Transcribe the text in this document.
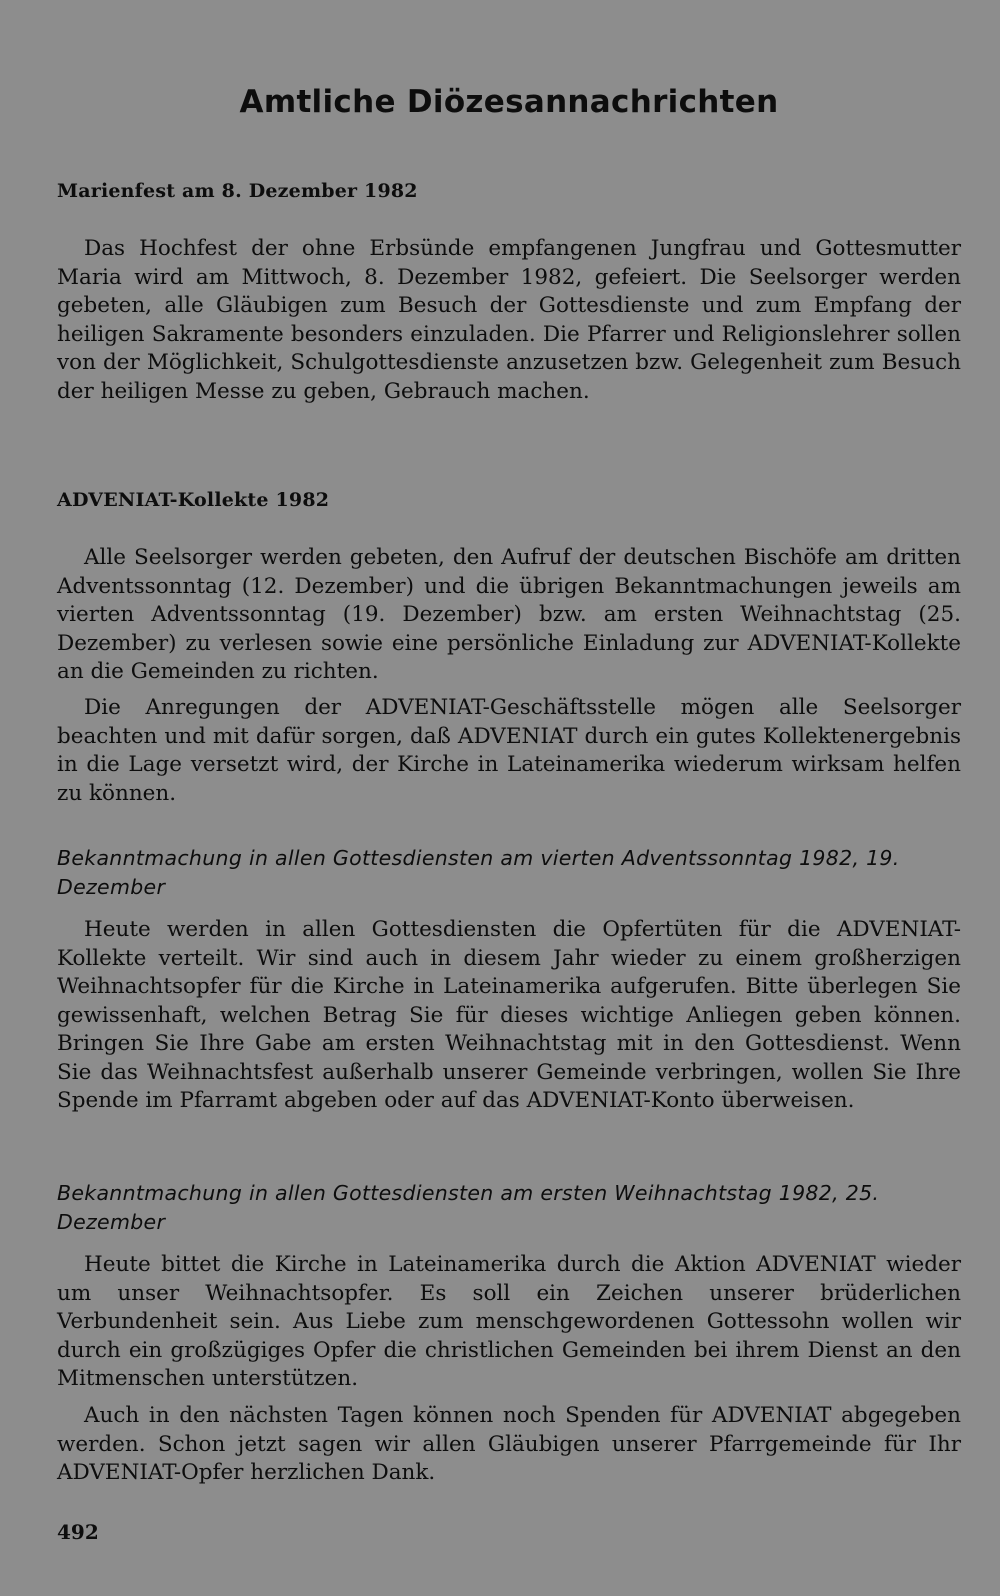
Amtliche Diözesannachrichten
Marienfest am 8. Dezember 1982

Das Hochfest der ohne Erbsünde empfangenen Jungfrau und Gottesmutter Maria wird am Mittwoch, 8. Dezember 1982, gefeiert. Die Seelsorger werden gebeten, alle Gläubigen zum Besuch der Gottesdienste und zum Empfang der heiligen Sakramente besonders einzuladen. Die Pfarrer und Religionslehrer sollen von der Möglichkeit, Schulgottesdienste anzusetzen bzw. Gelegenheit zum Besuch der heiligen Messe zu geben, Gebrauch machen.

ADVENIAT-Kollekte 1982

Alle Seelsorger werden gebeten, den Aufruf der deutschen Bischöfe am dritten Adventssonntag (12. Dezember) und die übrigen Bekanntmachungen jeweils am vierten Adventssonntag (19. Dezember) bzw. am ersten Weihnachtstag (25. Dezember) zu verlesen sowie eine persönliche Einladung zur ADVENIAT-Kollekte an die Gemeinden zu richten.

Die Anregungen der ADVENIAT-Geschäftsstelle mögen alle Seelsorger beachten und mit dafür sorgen, daß ADVENIAT durch ein gutes Kollektenergebnis in die Lage versetzt wird, der Kirche in Lateinamerika wiederum wirksam helfen zu können.

Bekanntmachung in allen Gottesdiensten am vierten Adventssonntag 1982, 19. Dezember

Heute werden in allen Gottesdiensten die Opfertüten für die ADVENIAT-Kollekte verteilt. Wir sind auch in diesem Jahr wieder zu einem großherzigen Weihnachtsopfer für die Kirche in Lateinamerika aufgerufen. Bitte überlegen Sie gewissenhaft, welchen Betrag Sie für dieses wichtige Anliegen geben können. Bringen Sie Ihre Gabe am ersten Weihnachtstag mit in den Gottesdienst. Wenn Sie das Weihnachtsfest außerhalb unserer Gemeinde verbringen, wollen Sie Ihre Spende im Pfarramt abgeben oder auf das ADVENIAT-Konto überweisen.

Bekanntmachung in allen Gottesdiensten am ersten Weihnachtstag 1982, 25. Dezember

Heute bittet die Kirche in Lateinamerika durch die Aktion ADVENIAT wieder um unser Weihnachtsopfer. Es soll ein Zeichen unserer brüderlichen Verbundenheit sein. Aus Liebe zum menschgewordenen Gottessohn wollen wir durch ein großzügiges Opfer die christlichen Gemeinden bei ihrem Dienst an den Mitmenschen unterstützen.

Auch in den nächsten Tagen können noch Spenden für ADVENIAT abgegeben werden. Schon jetzt sagen wir allen Gläubigen unserer Pfarrgemeinde für Ihr ADVENIAT-Opfer herzlichen Dank.

492
